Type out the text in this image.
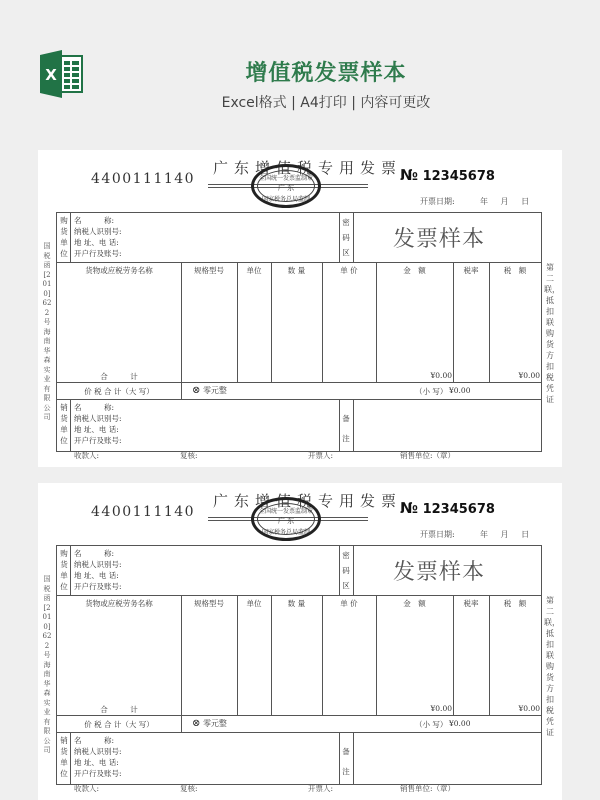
X	增值税发票样本
Excel格式 | A4打印 | 内容可更改
4400111140
广东增值税专用发票
全国统一发票监制章
广 东
国家税务总局监制
№ 12345678
开票日期:	年 月 日
国税函[2010]622号海南华森实业有限公司
第二联，抵扣联购货方扣税凭证
购货单位
名　　　称:
纳税人识别号:
地 址、电 话:
开户行及账号:
密码区
发票样本
货物或应税劳务名称	规格型号	单位	数 量	单 价	金　额	税率	税　额
合　　　计	¥0.00	¥0.00
价 税 合 计（大 写）	⊗ 零元整	（小 写） ¥0.00
销货单位
名　　　称:
纳税人识别号:
地 址、电 话:
开户行及账号:
备注
收款人:	复核:	开票人:	销售单位:（章）
4400111140
广东增值税专用发票
全国统一发票监制章
广 东
国家税务总局监制
№ 12345678
开票日期:	年 月 日
国税函[2010]622号海南华森实业有限公司
第二联，抵扣联购货方扣税凭证
购货单位
名　　　称:
纳税人识别号:
地 址、电 话:
开户行及账号:
密码区
发票样本
货物或应税劳务名称	规格型号	单位	数 量	单 价	金　额	税率	税　额
合　　　计	¥0.00	¥0.00
价 税 合 计（大 写）	⊗ 零元整	（小 写） ¥0.00
销货单位
名　　　称:
纳税人识别号:
地 址、电 话:
开户行及账号:
备注
收款人:	复核:	开票人:	销售单位:（章）
